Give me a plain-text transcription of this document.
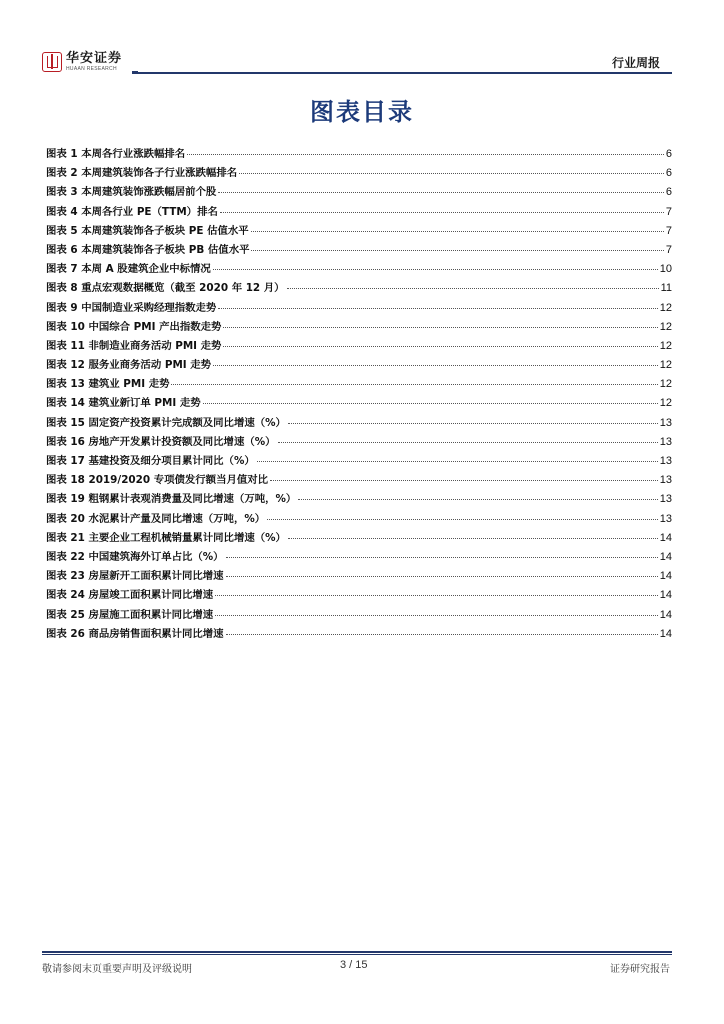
华安证券
HUAAN RESEARCH	行业周报
图表目录
图表 1 本周各行业涨跌幅排名	6
图表 2 本周建筑装饰各子行业涨跌幅排名	6
图表 3 本周建筑装饰涨跌幅居前个股	6
图表 4 本周各行业 PE（TTM）排名	7
图表 5 本周建筑装饰各子板块 PE 估值水平	7
图表 6 本周建筑装饰各子板块 PB 估值水平	7
图表 7 本周 A 股建筑企业中标情况	10
图表 8 重点宏观数据概览（截至 2020 年 12 月）	11
图表 9 中国制造业采购经理指数走势	12
图表 10 中国综合 PMI 产出指数走势	12
图表 11 非制造业商务活动 PMI 走势	12
图表 12 服务业商务活动 PMI 走势	12
图表 13 建筑业 PMI 走势	12
图表 14 建筑业新订单 PMI 走势	12
图表 15 固定资产投资累计完成额及同比增速（%）	13
图表 16 房地产开发累计投资额及同比增速（%）	13
图表 17 基建投资及细分项目累计同比（%）	13
图表 18 2019/2020 专项债发行额当月值对比	13
图表 19 粗钢累计表观消费量及同比增速（万吨，%）	13
图表 20 水泥累计产量及同比增速（万吨，%）	13
图表 21 主要企业工程机械销量累计同比增速（%）	14
图表 22 中国建筑海外订单占比（%）	14
图表 23 房屋新开工面积累计同比增速	14
图表 24 房屋竣工面积累计同比增速	14
图表 25 房屋施工面积累计同比增速	14
图表 26 商品房销售面积累计同比增速	14
敬请参阅末页重要声明及评级说明	3 / 15	证券研究报告
